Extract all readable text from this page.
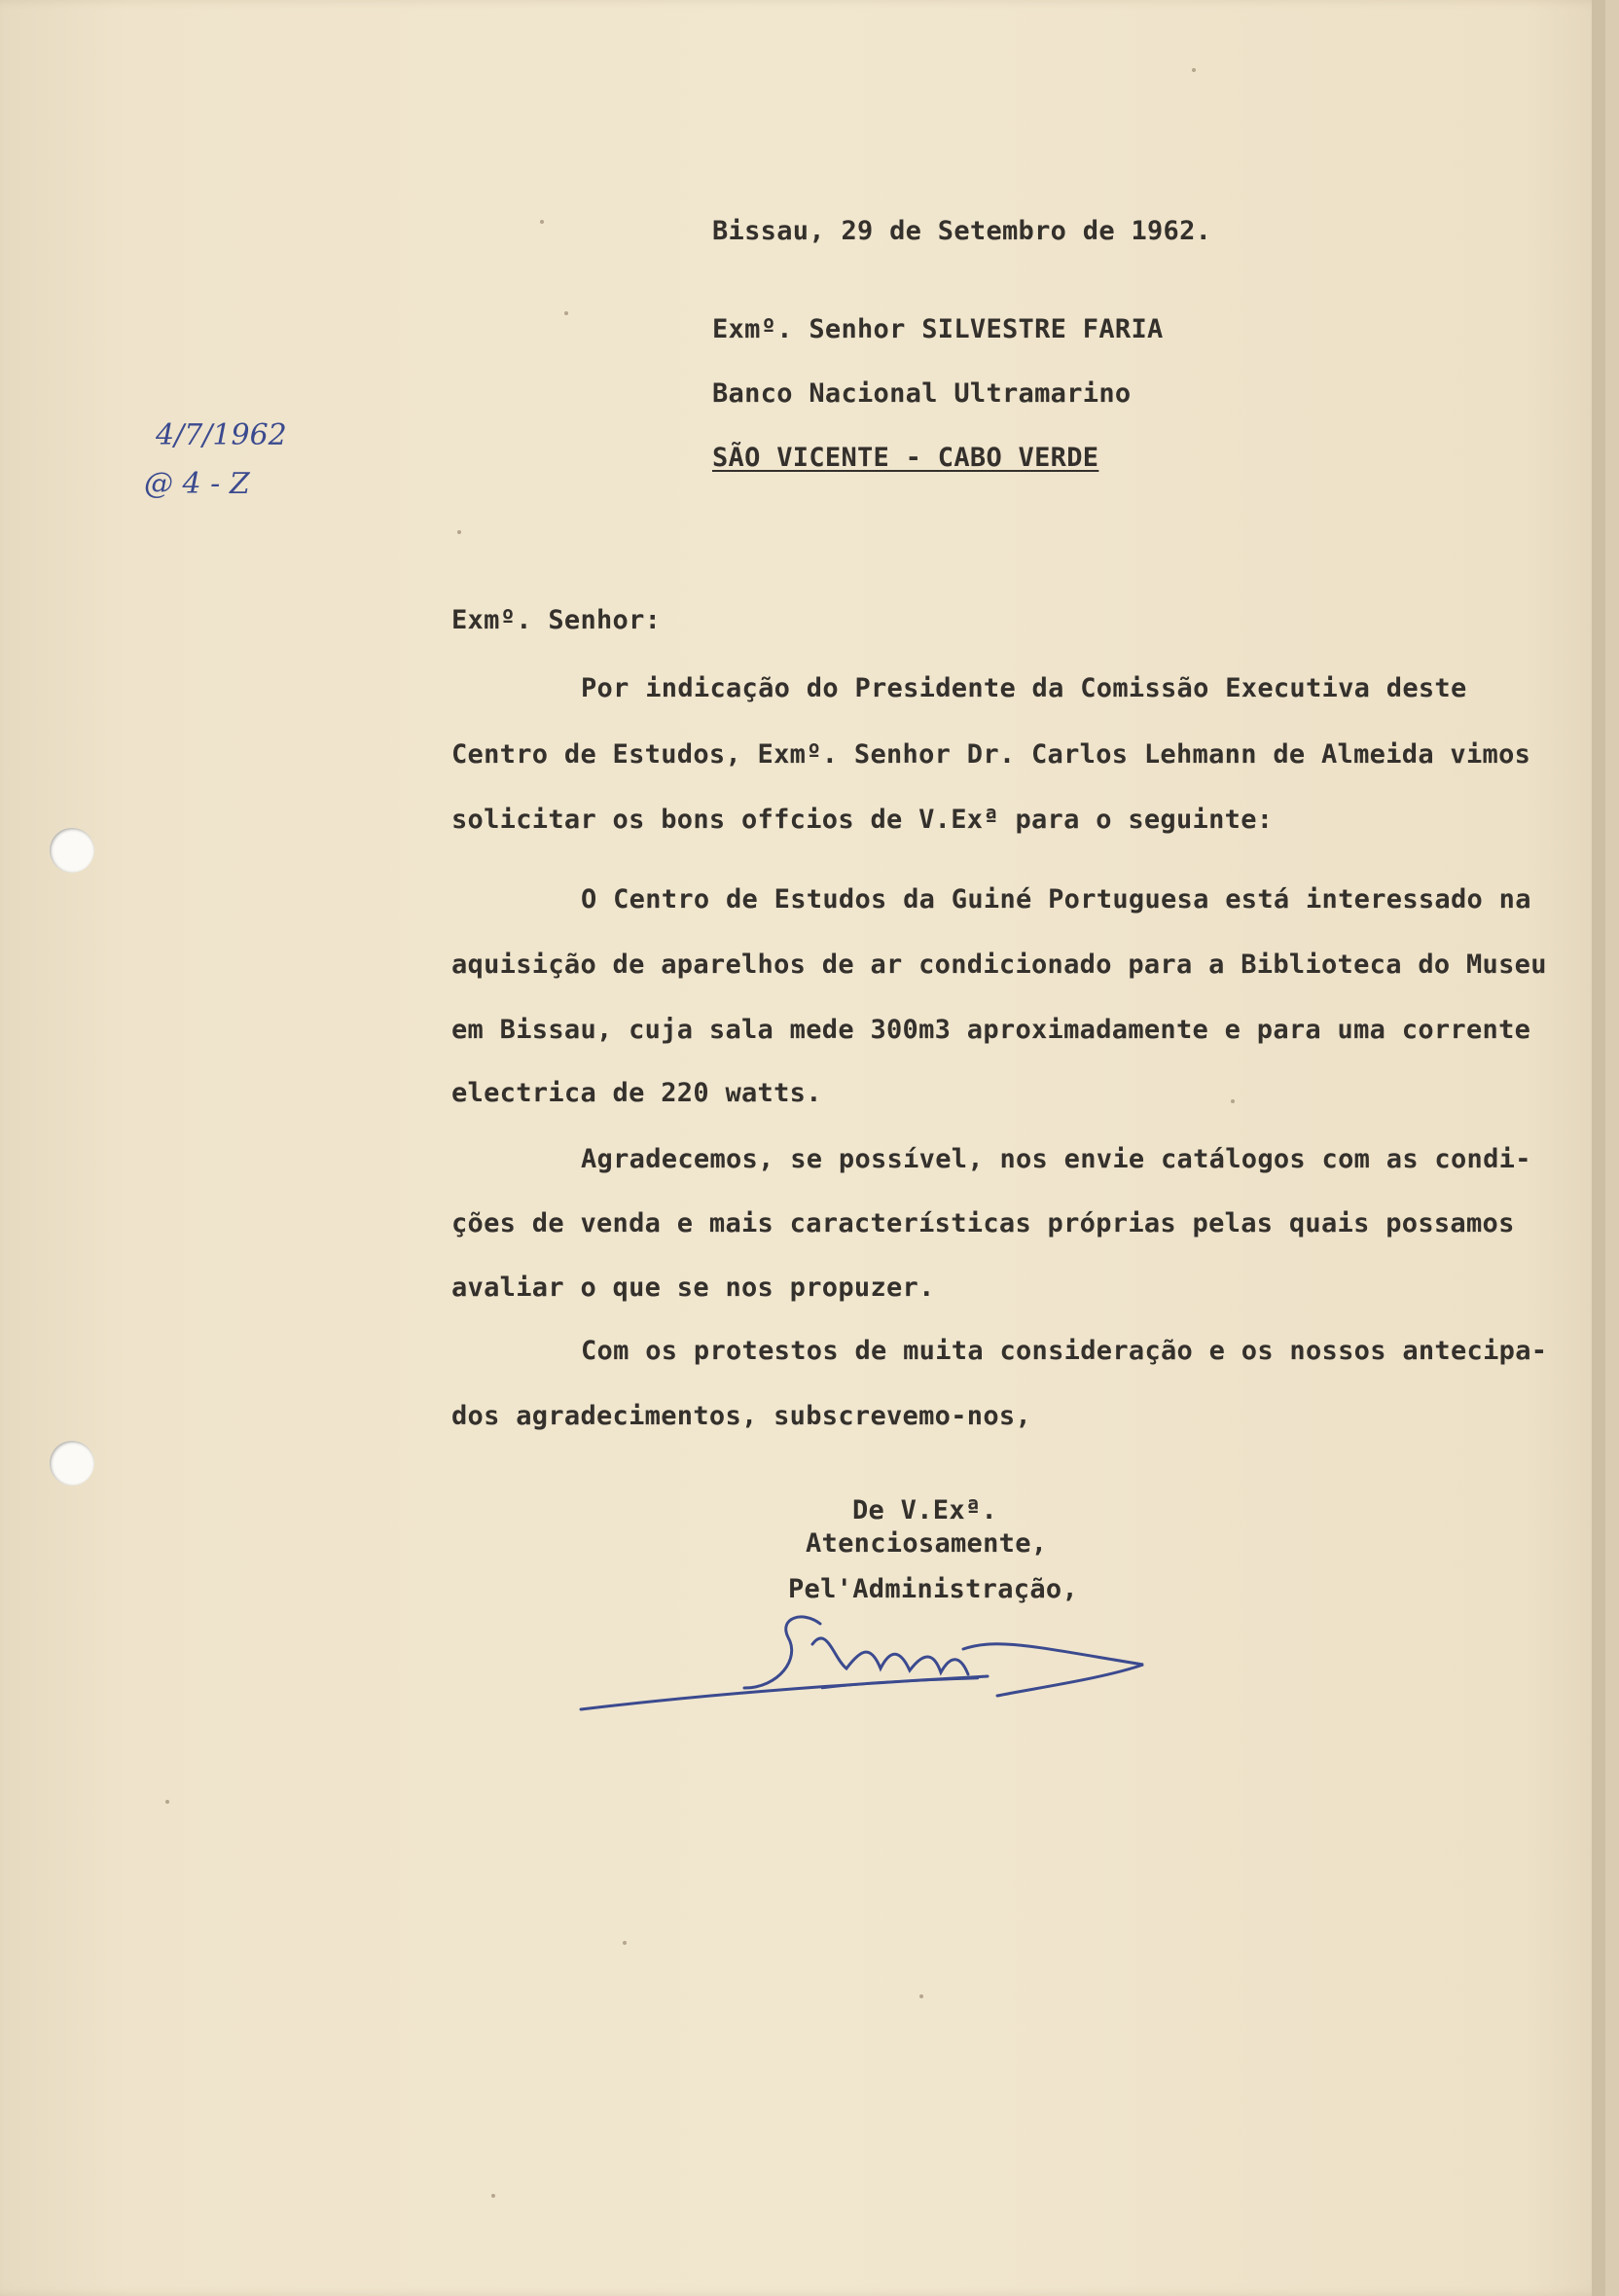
4/7/1962

@ 4 - Z

Bissau, 29 de Setembro de 1962.

Exmº. Senhor SILVESTRE FARIA

Banco Nacional Ultramarino

SÃO VICENTE - CABO VERDE

Exmº. Senhor:

Por indicação do Presidente da Comissão Executiva deste

Centro de Estudos, Exmº. Senhor Dr. Carlos Lehmann de Almeida vimos

solicitar os bons offcios de V.Exª para o seguinte:

O Centro de Estudos da Guiné Portuguesa está interessado na

aquisição de aparelhos de ar condicionado para a Biblioteca do Museu

em Bissau, cuja sala mede 300m3 aproximadamente e para uma corrente

electrica de 220 watts.

Agradecemos, se possível, nos envie catálogos com as condi-

ções de venda e mais características próprias pelas quais possamos

avaliar o que se nos propuzer.

Com os protestos de muita consideração e os nossos antecipa-

dos agradecimentos, subscrevemo-nos,

De V.Exª.

Atenciosamente,

Pel'Administração,
